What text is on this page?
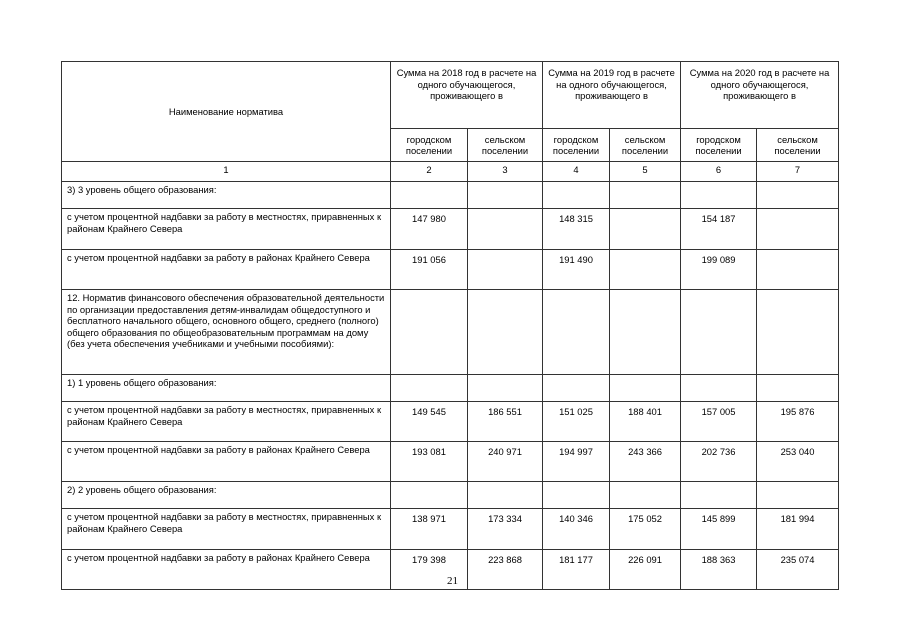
Наименование норматива	Сумма на 2018 год в расчете на одного обучающегося, проживающего в		Сумма на 2019 год в расчете на одного обучающегося, проживающего в		Сумма на 2020 год в расчете на одного обучающегося, проживающего в	
	городском поселении	сельском поселении	городском поселении	сельском поселении	городском поселении	сельском поселении
1	2	3	4	5	6	7
3) 3 уровень общего образования:						
с учетом процентной надбавки за работу в местностях, приравненных к районам Крайнего Севера	147 980		148 315		154 187	
с учетом процентной надбавки за работу в районах Крайнего Севера	191 056		191 490		199 089	
12. Норматив финансового обеспечения образовательной деятельности по организации предоставления детям-инвалидам общедоступного и бесплатного начального общего, основного общего, среднего (полного) общего образования по общеобразовательным программам на дому (без учета обеспечения учебниками и учебными пособиями):						
1) 1 уровень общего образования:						
с учетом процентной надбавки за работу в местностях, приравненных к районам Крайнего Севера	149 545	186 551	151 025	188 401	157 005	195 876
с учетом процентной надбавки за работу в районах Крайнего Севера	193 081	240 971	194 997	243 366	202 736	253 040
2) 2 уровень общего образования:						
с учетом процентной надбавки за работу в местностях, приравненных к районам Крайнего Севера	138 971	173 334	140 346	175 052	145 899	181 994
с учетом процентной надбавки за работу в районах Крайнего Севера	179 398	223 868	181 177	226 091	188 363	235 074
21
